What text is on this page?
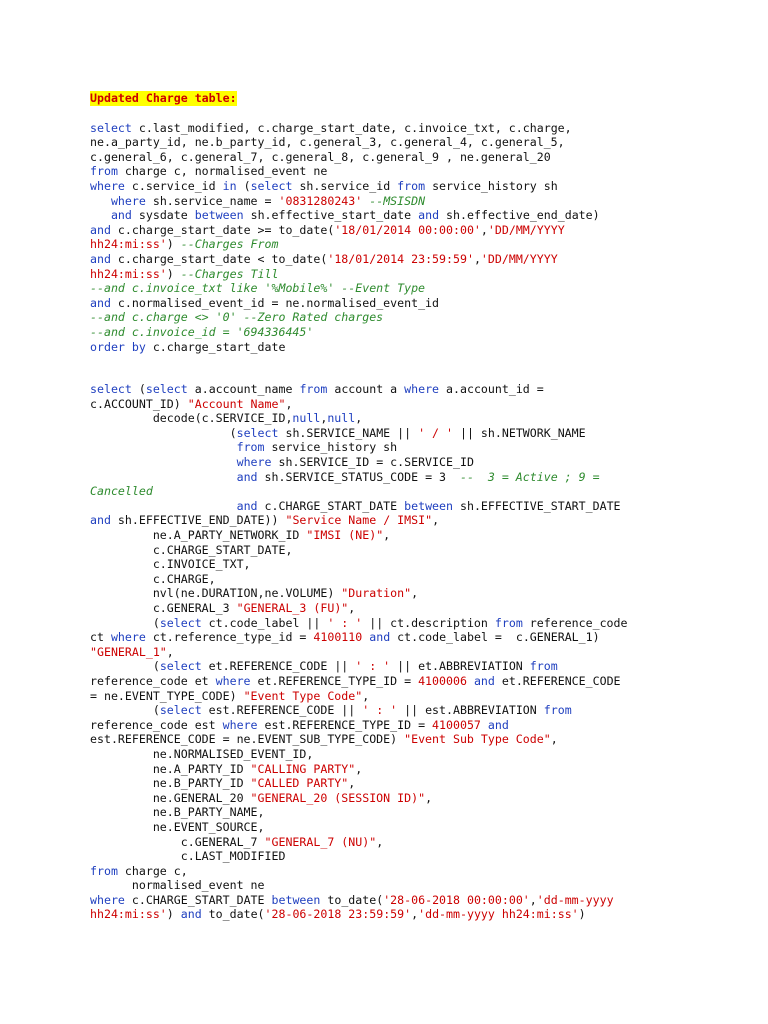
Updated Charge table:
select c.last_modified, c.charge_start_date, c.invoice_txt, c.charge,
ne.a_party_id, ne.b_party_id, c.general_3, c.general_4, c.general_5,
c.general_6, c.general_7, c.general_8, c.general_9 , ne.general_20
from charge c, normalised_event ne
where c.service_id in (select sh.service_id from service_history sh
where sh.service_name = '0831280243' --MSISDN
and sysdate between sh.effective_start_date and sh.effective_end_date)
and c.charge_start_date >= to_date('18/01/2014 00:00:00','DD/MM/YYYY
hh24:mi:ss') --Charges From
and c.charge_start_date < to_date('18/01/2014 23:59:59','DD/MM/YYYY
hh24:mi:ss') --Charges Till
--and c.invoice_txt like '%Mobile%' --Event Type
and c.normalised_event_id = ne.normalised_event_id
--and c.charge <> '0' --Zero Rated charges
--and c.invoice_id = '694336445'
order by c.charge_start_date
select (select a.account_name from account a where a.account_id =
c.ACCOUNT_ID) "Account Name",
decode(c.SERVICE_ID,null,null,
(select sh.SERVICE_NAME || ' / ' || sh.NETWORK_NAME
from service_history sh
where sh.SERVICE_ID = c.SERVICE_ID
and sh.SERVICE_STATUS_CODE = 3  --  3 = Active ; 9 =
Cancelled
and c.CHARGE_START_DATE between sh.EFFECTIVE_START_DATE
and sh.EFFECTIVE_END_DATE)) "Service Name / IMSI",
ne.A_PARTY_NETWORK_ID "IMSI (NE)",
c.CHARGE_START_DATE,
c.INVOICE_TXT,
c.CHARGE,
nvl(ne.DURATION,ne.VOLUME) "Duration",
c.GENERAL_3 "GENERAL_3 (FU)",
(select ct.code_label || ' : ' || ct.description from reference_code
ct where ct.reference_type_id = 4100110 and ct.code_label =  c.GENERAL_1)
"GENERAL_1",
(select et.REFERENCE_CODE || ' : ' || et.ABBREVIATION from
reference_code et where et.REFERENCE_TYPE_ID = 4100006 and et.REFERENCE_CODE
= ne.EVENT_TYPE_CODE) "Event Type Code",
(select est.REFERENCE_CODE || ' : ' || est.ABBREVIATION from
reference_code est where est.REFERENCE_TYPE_ID = 4100057 and
est.REFERENCE_CODE = ne.EVENT_SUB_TYPE_CODE) "Event Sub Type Code",
ne.NORMALISED_EVENT_ID,
ne.A_PARTY_ID "CALLING PARTY",
ne.B_PARTY_ID "CALLED PARTY",
ne.GENERAL_20 "GENERAL_20 (SESSION ID)",
ne.B_PARTY_NAME,
ne.EVENT_SOURCE,
c.GENERAL_7 "GENERAL_7 (NU)",
c.LAST_MODIFIED
from charge c,
normalised_event ne
where c.CHARGE_START_DATE between to_date('28-06-2018 00:00:00','dd-mm-yyyy
hh24:mi:ss') and to_date('28-06-2018 23:59:59','dd-mm-yyyy hh24:mi:ss')
